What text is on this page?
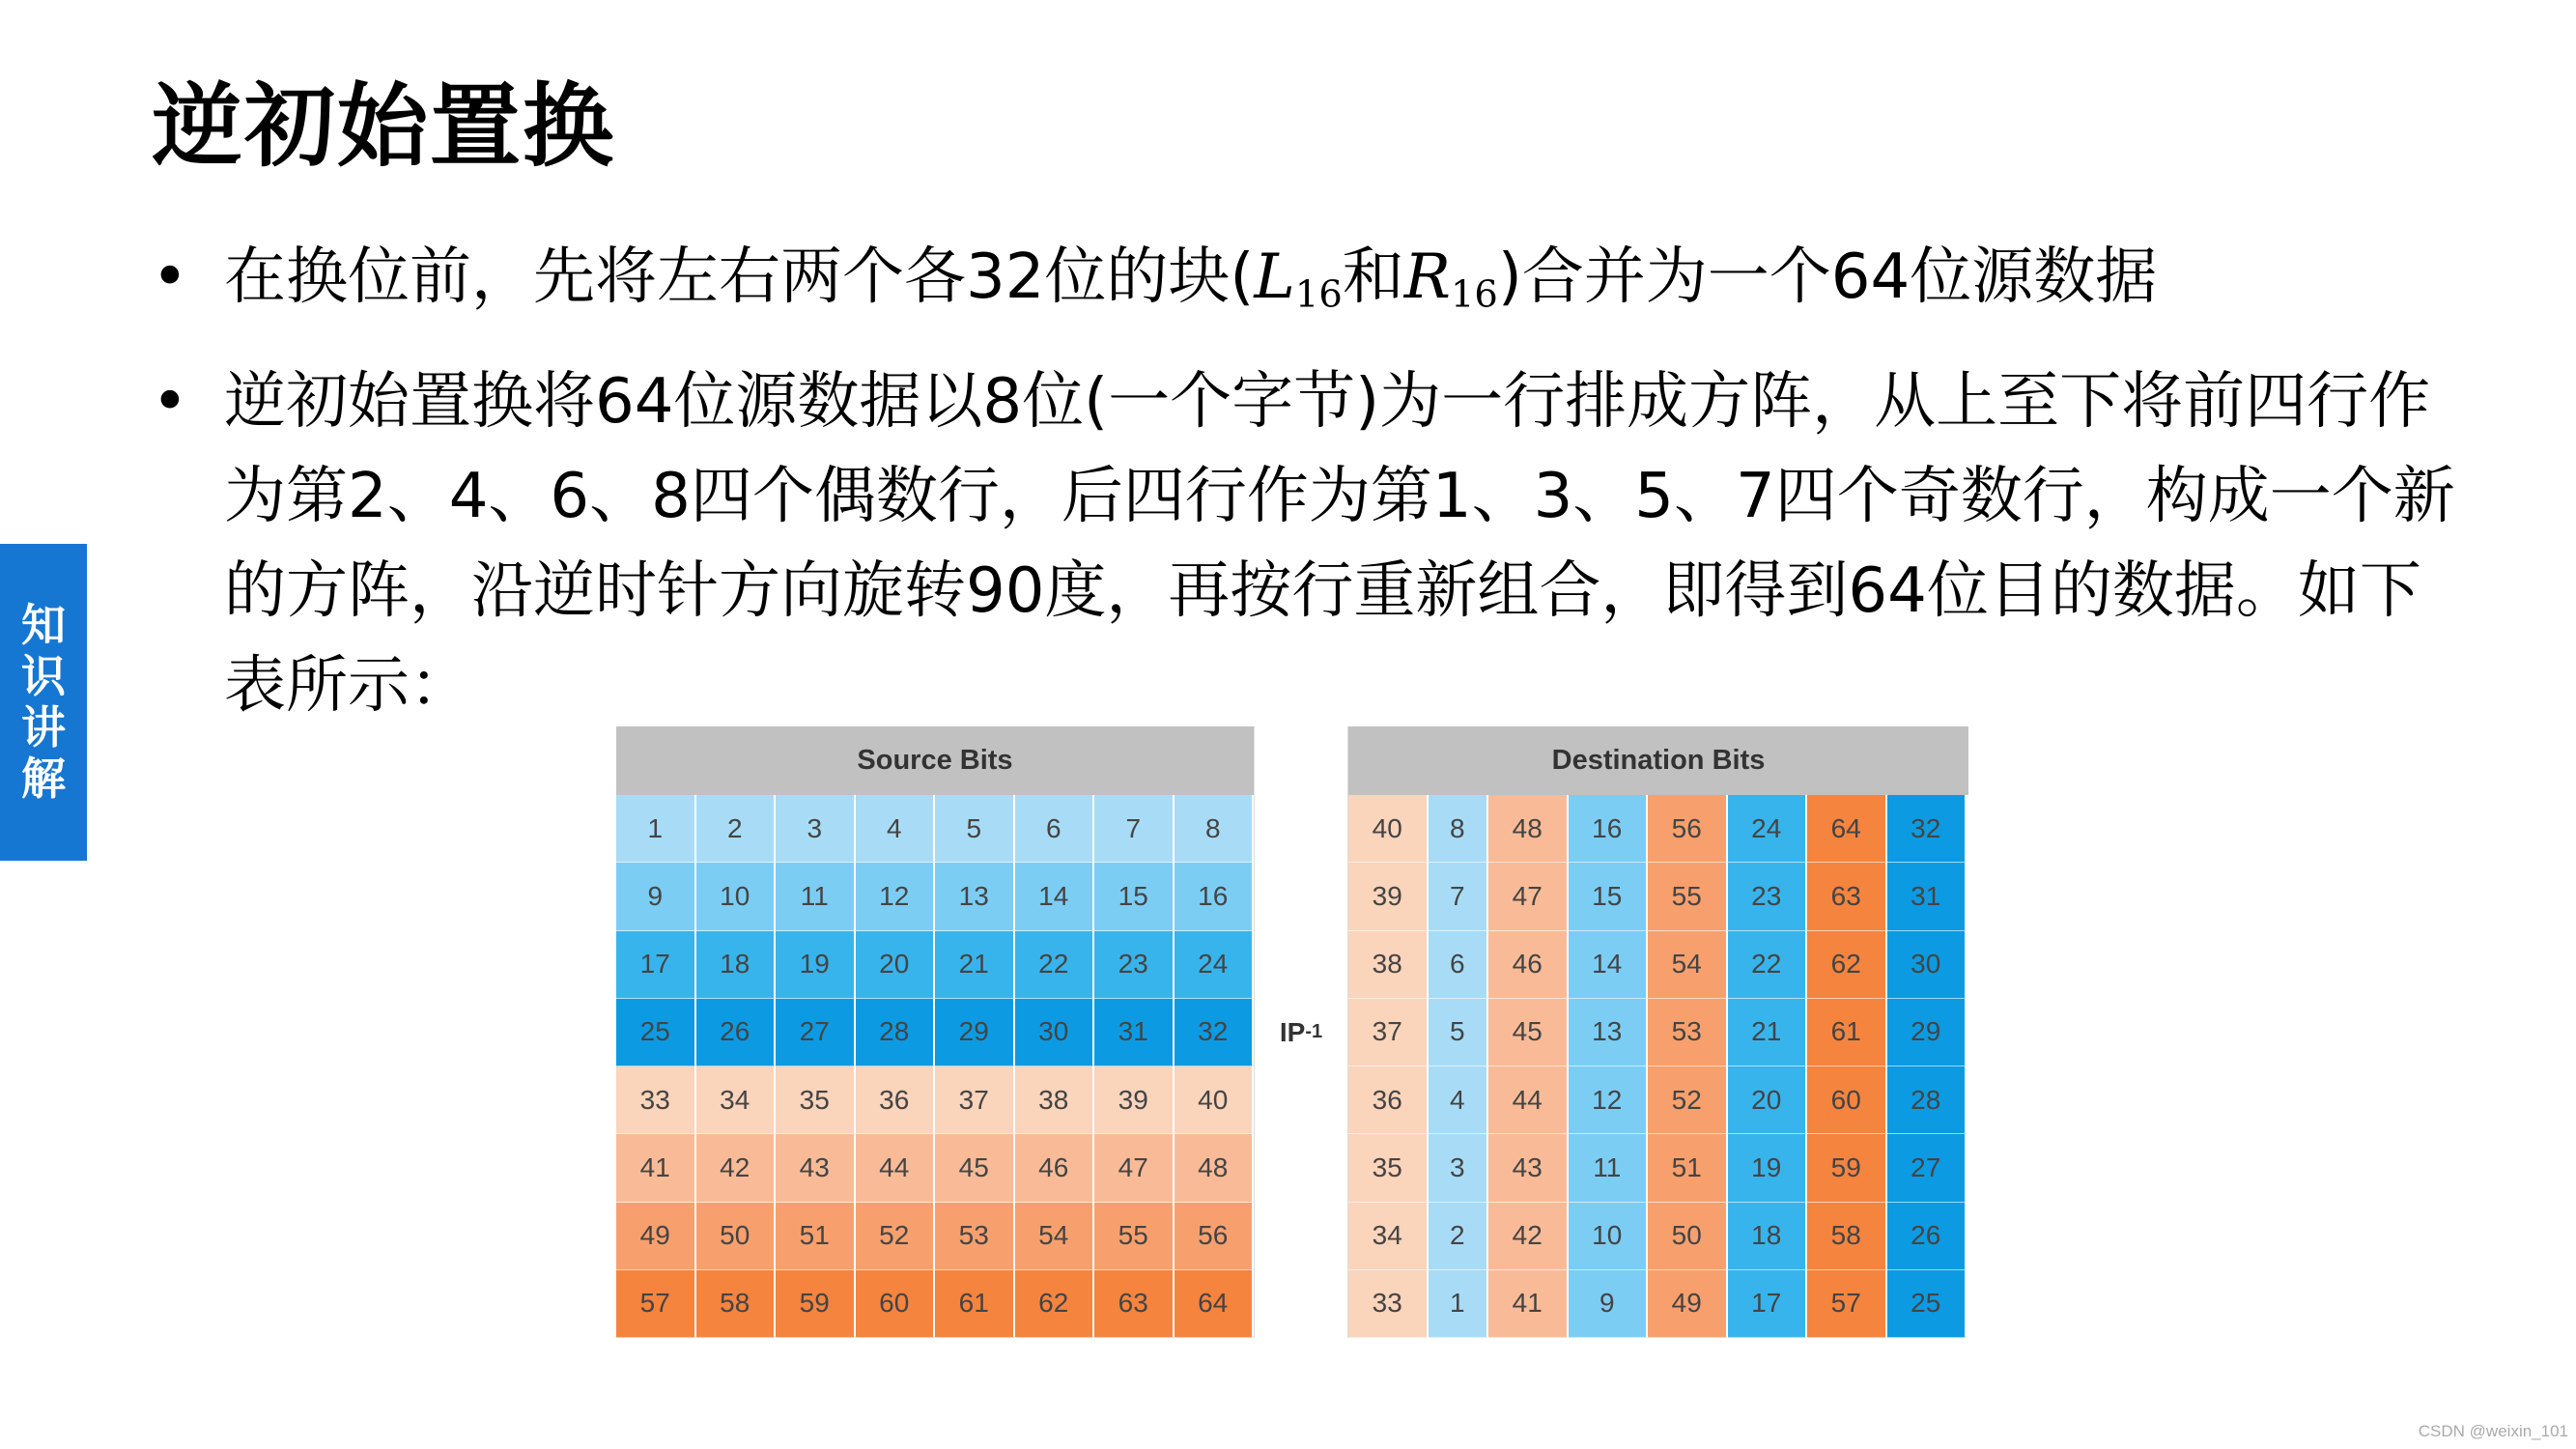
逆初始置换
• 在换位前，先将左右两个各32位的块($L_{16}$和$R_{16}$)合并为一个64位源数据
• 逆初始置换将64位源数据以8位(一个字节)为一行排成方阵，从上至下将前四行作为第2、4、6、8四个偶数行，后四行作为第1、3、5、7四个奇数行，构成一个新的方阵，沿逆时针方向旋转90度，再按行重新组合，即得到64位目的数据。如下表所示：
知
识
讲
解	Source Bits
1	2	3	4	5	6	7	8
9	10	11	12	13	14	15	16
17	18	19	20	21	22	23	24
25	26	27	28	29	30	31	32
33	34	35	36	37	38	39	40
41	42	43	44	45	46	47	48
49	50	51	52	53	54	55	56
57	58	59	60	61	62	63	64
IP -1
Destination Bits
40	8	48	16	56	24	64	32
39	7	47	15	55	23	63	31
38	6	46	14	54	22	62	30
37	5	45	13	53	21	61	29
36	4	44	12	52	20	60	28
35	3	43	11	51	19	59	27
34	2	42	10	50	18	58	26
33	1	41	9	49	17	57	25
CSDN @weixin_101
